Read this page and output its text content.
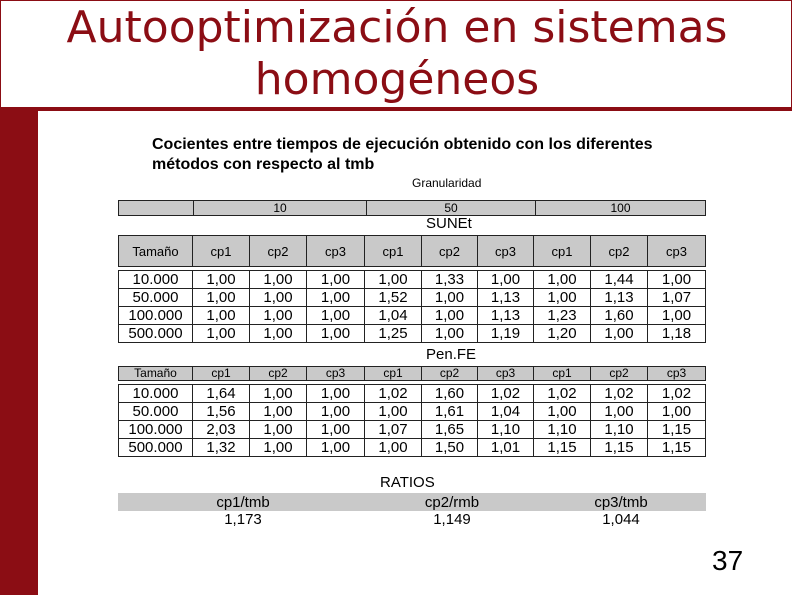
Autooptimización en sistemas
homogéneos
Cocientes entre tiempos de ejecución obtenido con los diferentes
métodos con respecto al tmb
Granularidad
	10	50	100
SUNEt
Tamaño	cp1	cp2	cp3	cp1	cp2	cp3	cp1	cp2	cp3

10.000	1,00	1,00	1,00	1,00	1,33	1,00	1,00	1,44	1,00
50.000	1,00	1,00	1,00	1,52	1,00	1,13	1,00	1,13	1,07
100.000	1,00	1,00	1,00	1,04	1,00	1,13	1,23	1,60	1,00
500.000	1,00	1,00	1,00	1,25	1,00	1,19	1,20	1,00	1,18
Pen.FE
Tamaño	cp1	cp2	cp3	cp1	cp2	cp3	cp1	cp2	cp3

10.000	1,64	1,00	1,00	1,02	1,60	1,02	1,02	1,02	1,02
50.000	1,56	1,00	1,00	1,00	1,61	1,04	1,00	1,00	1,00
100.000	2,03	1,00	1,00	1,07	1,65	1,10	1,10	1,10	1,15
500.000	1,32	1,00	1,00	1,00	1,50	1,01	1,15	1,15	1,15
RATIOS
cp1/tmb	cp2/rmb	cp3/tmb
1,173	1,149	1,044
37
